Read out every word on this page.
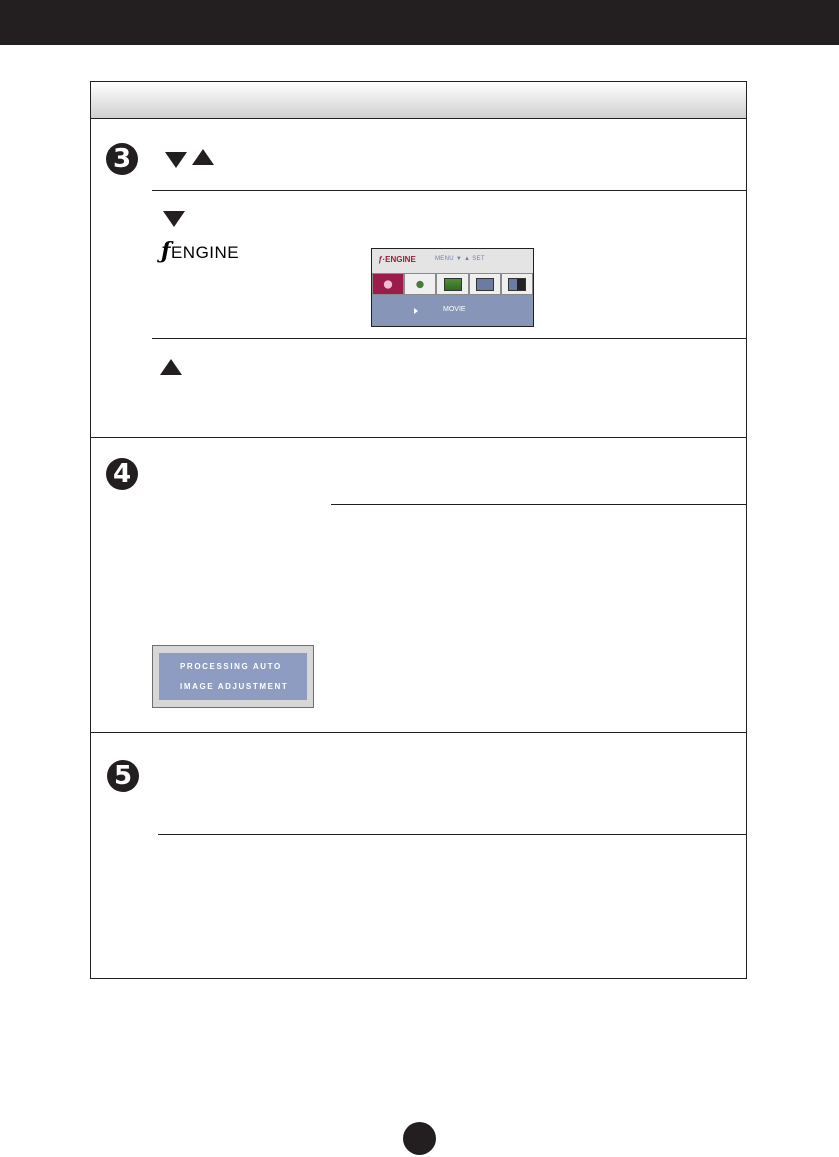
3
ƒENGINE	ƒ·ENGINE	MENU ▼ ▲ SET
MOVIE
4
PROCESSING AUTO
IMAGE ADJUSTMENT
5
